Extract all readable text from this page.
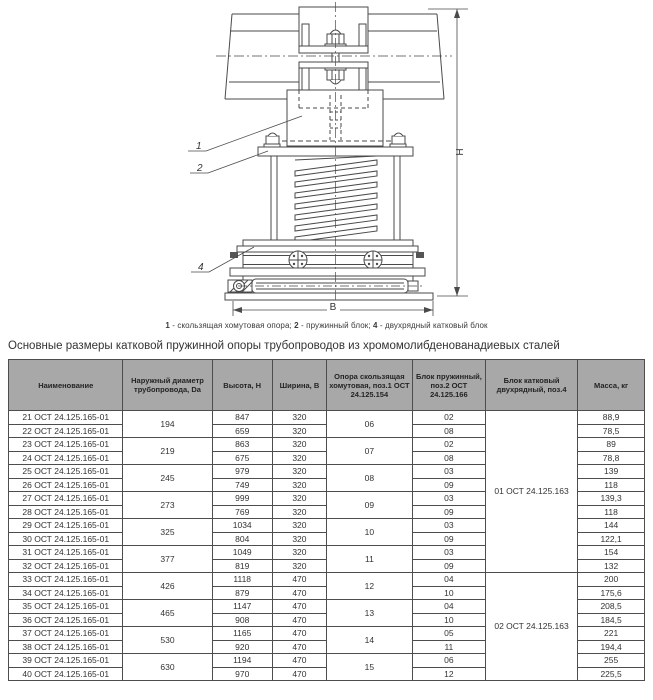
Н
В
1
2
4
1 - скользящая хомутовая опора; 2 - пружинный блок; 4 - двухрядный катковый блок
Основные размеры катковой пружинной опоры трубопроводов из хромомолибденованадиевых сталей
Наименование	Наружный диаметр трубопровода, Da	Высота, Н	Ширина, В	Опора скользящая хомутовая, поз.1 ОСТ 24.125.154	Блок пружинный, поз.2 ОСТ 24.125.166	Блок катковый двухрядный, поз.4	Масса, кг
21 ОСТ 24.125.165-01	194	847	320	06	02	01 ОСТ 24.125.163	88,9
22 ОСТ 24.125.165-01		659	320		08		78,5
23 ОСТ 24.125.165-01	219	863	320	07	02		89
24 ОСТ 24.125.165-01		675	320		08		78,8
25 ОСТ 24.125.165-01	245	979	320	08	03		139
26 ОСТ 24.125.165-01		749	320		09		118
27 ОСТ 24.125.165-01	273	999	320	09	03		139,3
28 ОСТ 24.125.165-01		769	320		09		118
29 ОСТ 24.125.165-01	325	1034	320	10	03		144
30 ОСТ 24.125.165-01		804	320		09		122,1
31 ОСТ 24.125.165-01	377	1049	320	11	03		154
32 ОСТ 24.125.165-01		819	320		09		132
33 ОСТ 24.125.165-01	426	1118	470	12	04	02 ОСТ 24.125.163	200
34 ОСТ 24.125.165-01		879	470		10		175,6
35 ОСТ 24.125.165-01	465	1147	470	13	04		208,5
36 ОСТ 24.125.165-01		908	470		10		184,5
37 ОСТ 24.125.165-01	530	1165	470	14	05		221
38 ОСТ 24.125.165-01		920	470		11		194,4
39 ОСТ 24.125.165-01	630	1194	470	15	06		255
40 ОСТ 24.125.165-01		970	470		12		225,5
